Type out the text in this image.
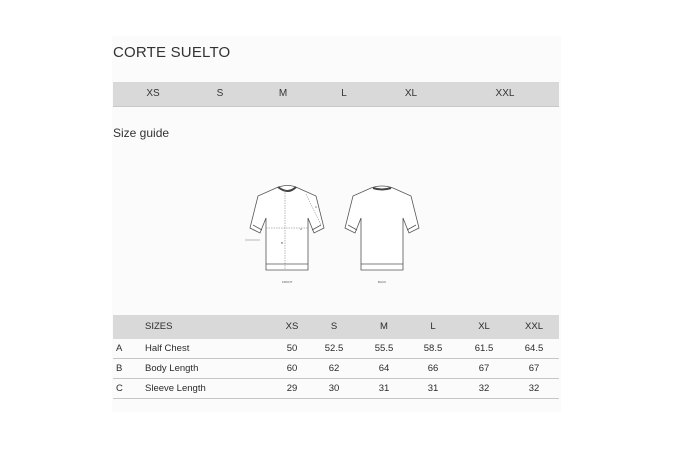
CORTE SUELTO
XS	S	M	L	XL	XXL
Size guide
A
B
C
FRONT	BACK
SIZES	XS	S	M	L	XL	XXL
A Half Chest	50	52.5	55.5	58.5	61.5	64.5
B Body Length	60	62	64	66	67	67
C Sleeve Length	29	30	31	31	32	32
